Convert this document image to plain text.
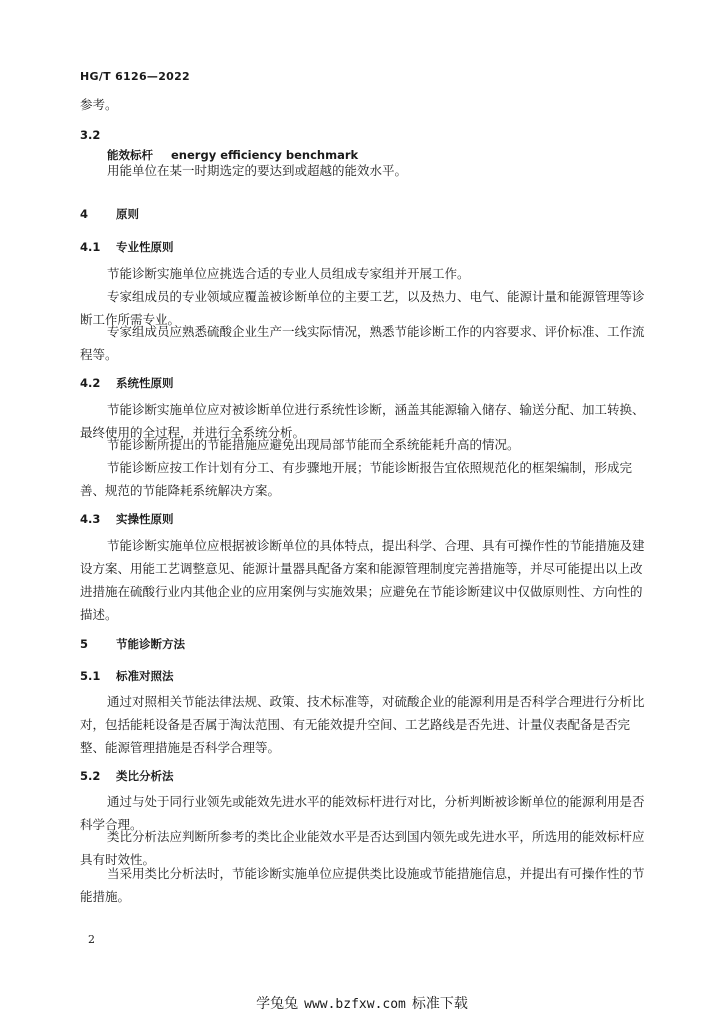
HG/T 6126—2022
参考。
3.2
能效标杆 energy efficiency benchmark
用能单位在某一时期选定的要达到或超越的能效水平。
4 原则
4.1 专业性原则
节能诊断实施单位应挑选合适的专业人员组成专家组并开展工作。
专家组成员的专业领域应覆盖被诊断单位的主要工艺，以及热力、电气、能源计量和能源管理等诊断工作所需专业。
专家组成员应熟悉硫酸企业生产一线实际情况，熟悉节能诊断工作的内容要求、评价标准、工作流程等。
4.2 系统性原则
节能诊断实施单位应对被诊断单位进行系统性诊断，涵盖其能源输入储存、输送分配、加工转换、最终使用的全过程，并进行全系统分析。
节能诊断所提出的节能措施应避免出现局部节能而全系统能耗升高的情况。
节能诊断应按工作计划有分工、有步骤地开展；节能诊断报告宜依照规范化的框架编制，形成完善、规范的节能降耗系统解决方案。
4.3 实操性原则
节能诊断实施单位应根据被诊断单位的具体特点，提出科学、合理、具有可操作性的节能措施及建设方案、用能工艺调整意见、能源计量器具配备方案和能源管理制度完善措施等，并尽可能提出以上改进措施在硫酸行业内其他企业的应用案例与实施效果；应避免在节能诊断建议中仅做原则性、方向性的描述。
5 节能诊断方法
5.1 标准对照法
通过对照相关节能法律法规、政策、技术标准等，对硫酸企业的能源利用是否科学合理进行分析比对，包括能耗设备是否属于淘汰范围、有无能效提升空间、工艺路线是否先进、计量仪表配备是否完整、能源管理措施是否科学合理等。
5.2 类比分析法
通过与处于同行业领先或能效先进水平的能效标杆进行对比，分析判断被诊断单位的能源利用是否科学合理。
类比分析法应判断所参考的类比企业能效水平是否达到国内领先或先进水平，所选用的能效标杆应具有时效性。
当采用类比分析法时，节能诊断实施单位应提供类比设施或节能措施信息，并提出有可操作性的节能措施。
2
学兔兔 www.bzfxw.com 标准下载
